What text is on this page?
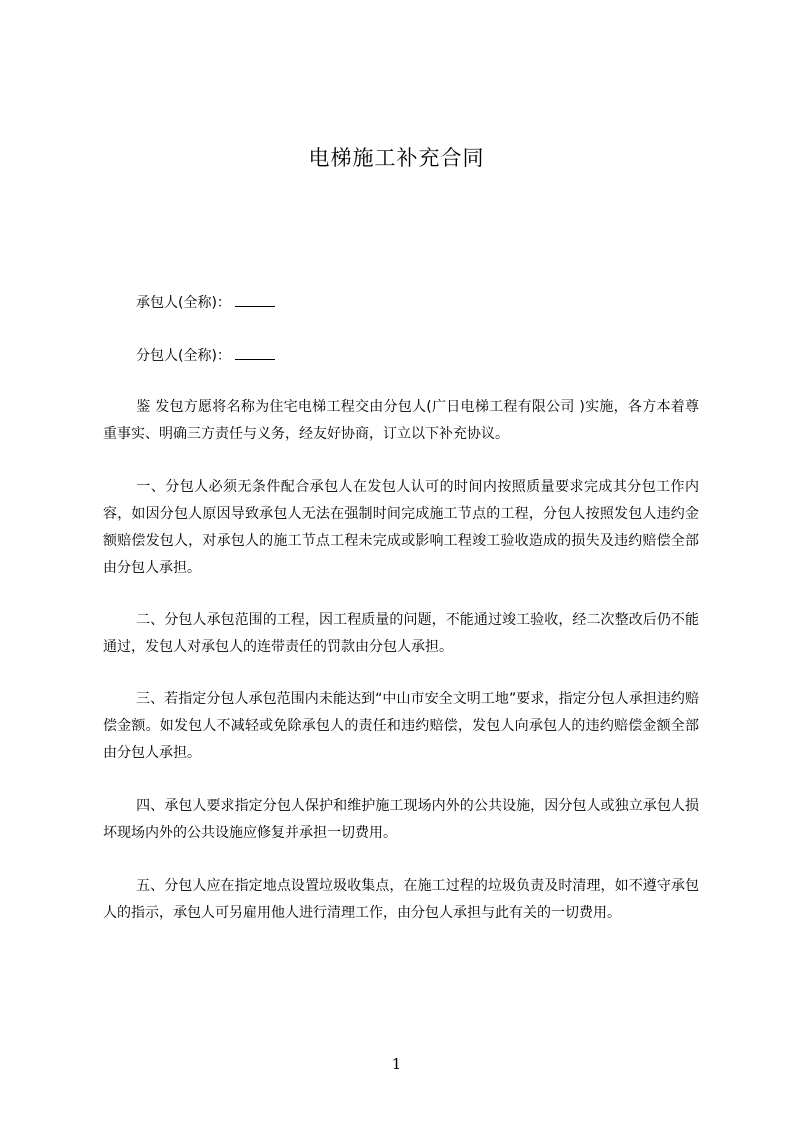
电梯施工补充合同
承包人(全称)：
分包人(全称)：

鉴 发包方愿将名称为住宅电梯工程交由分包人(广日电梯工程有限公司 )实施，各方本着尊重事实、明确三方责任与义务，经友好协商，订立以下补充协议。

一、分包人必须无条件配合承包人在发包人认可的时间内按照质量要求完成其分包工作内容，如因分包人原因导致承包人无法在强制时间完成施工节点的工程，分包人按照发包人违约金额赔偿发包人，对承包人的施工节点工程未完成或影响工程竣工验收造成的损失及违约赔偿全部由分包人承担。

二、分包人承包范围的工程，因工程质量的问题，不能通过竣工验收，经二次整改后仍不能通过，发包人对承包人的连带责任的罚款由分包人承担。

三、若指定分包人承包范围内未能达到“中山市安全文明工地”要求，指定分包人承担违约赔偿金额。如发包人不减轻或免除承包人的责任和违约赔偿，发包人向承包人的违约赔偿金额全部由分包人承担。

四、承包人要求指定分包人保护和维护施工现场内外的公共设施，因分包人或独立承包人损坏现场内外的公共设施应修复并承担一切费用。

五、分包人应在指定地点设置垃圾收集点，在施工过程的垃圾负责及时清理，如不遵守承包人的指示，承包人可另雇用他人进行清理工作，由分包人承担与此有关的一切费用。

1
